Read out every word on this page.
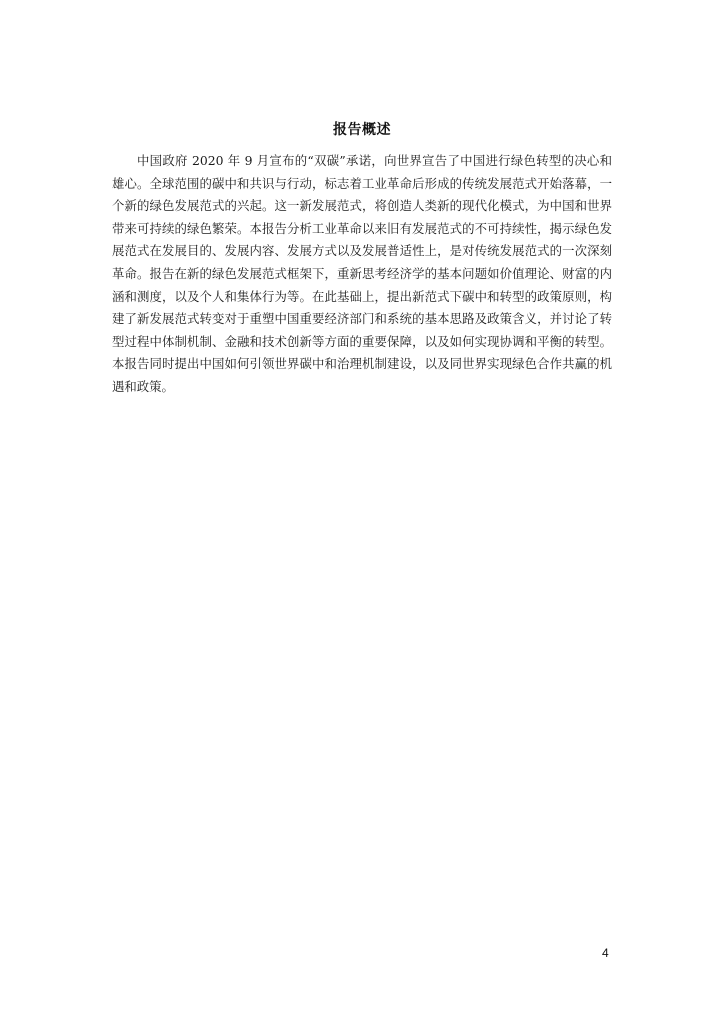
报告概述
中国政府 2020 年 9 月宣布的“双碳”承诺，向世界宣告了中国进行绿色转型的决心和
雄心。全球范围的碳中和共识与行动，标志着工业革命后形成的传统发展范式开始落幕，一
个新的绿色发展范式的兴起。这一新发展范式，将创造人类新的现代化模式，为中国和世界
带来可持续的绿色繁荣。本报告分析工业革命以来旧有发展范式的不可持续性，揭示绿色发
展范式在发展目的、发展内容、发展方式以及发展普适性上，是对传统发展范式的一次深刻
革命。报告在新的绿色发展范式框架下，重新思考经济学的基本问题如价值理论、财富的内
涵和测度，以及个人和集体行为等。在此基础上，提出新范式下碳中和转型的政策原则，构
建了新发展范式转变对于重塑中国重要经济部门和系统的基本思路及政策含义，并讨论了转
型过程中体制机制、金融和技术创新等方面的重要保障，以及如何实现协调和平衡的转型。
本报告同时提出中国如何引领世界碳中和治理机制建设，以及同世界实现绿色合作共赢的机
遇和政策。
4
